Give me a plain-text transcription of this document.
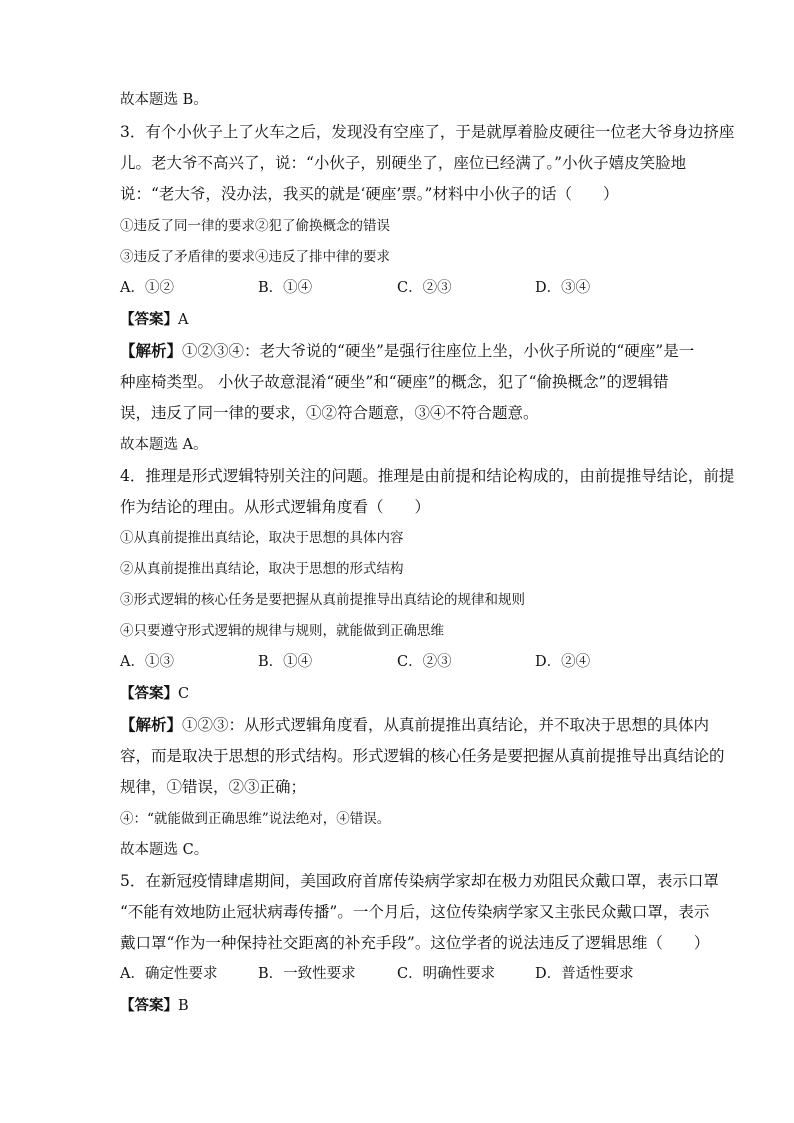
故本题选 B。
3．有个小伙子上了火车之后，发现没有空座了，于是就厚着脸皮硬往一位老大爷身边挤座
儿。老大爷不高兴了，说：“小伙子，别硬坐了，座位已经满了。”小伙子嬉皮笑脸地
说：“老大爷，没办法，我买的就是‘硬座’票。”材料中小伙子的话（　　）
①违反了同一律的要求②犯了偷换概念的错误
③违反了矛盾律的要求④违反了排中律的要求
A．①②	B．①④	C．②③	D．③④
【答案】A
【解析】①②③④：老大爷说的“硬坐”是强行往座位上坐，小伙子所说的“硬座”是一
种座椅类型。 小伙子故意混淆“硬坐”和“硬座”的概念，犯了“偷换概念”的逻辑错
误，违反了同一律的要求，①②符合题意，③④不符合题意。
故本题选 A。
4．推理是形式逻辑特别关注的问题。推理是由前提和结论构成的，由前提推导结论，前提
作为结论的理由。从形式逻辑角度看（　　）
①从真前提推出真结论，取决于思想的具体内容
②从真前提推出真结论，取决于思想的形式结构
③形式逻辑的核心任务是要把握从真前提推导出真结论的规律和规则
④只要遵守形式逻辑的规律与规则，就能做到正确思维
A．①③	B．①④	C．②③	D．②④
【答案】C
【解析】①②③：从形式逻辑角度看，从真前提推出真结论，并不取决于思想的具体内
容，而是取决于思想的形式结构。形式逻辑的核心任务是要把握从真前提推导出真结论的
规律，①错误，②③正确；
④：“就能做到正确思维”说法绝对，④错误。
故本题选 C。
5．在新冠疫情肆虐期间，美国政府首席传染病学家却在极力劝阻民众戴口罩，表示口罩
“不能有效地防止冠状病毒传播”。一个月后，这位传染病学家又主张民众戴口罩，表示
戴口罩“作为一种保持社交距离的补充手段”。这位学者的说法违反了逻辑思维（　　）
A．确定性要求	B．一致性要求	C．明确性要求	D．普适性要求
【答案】B
